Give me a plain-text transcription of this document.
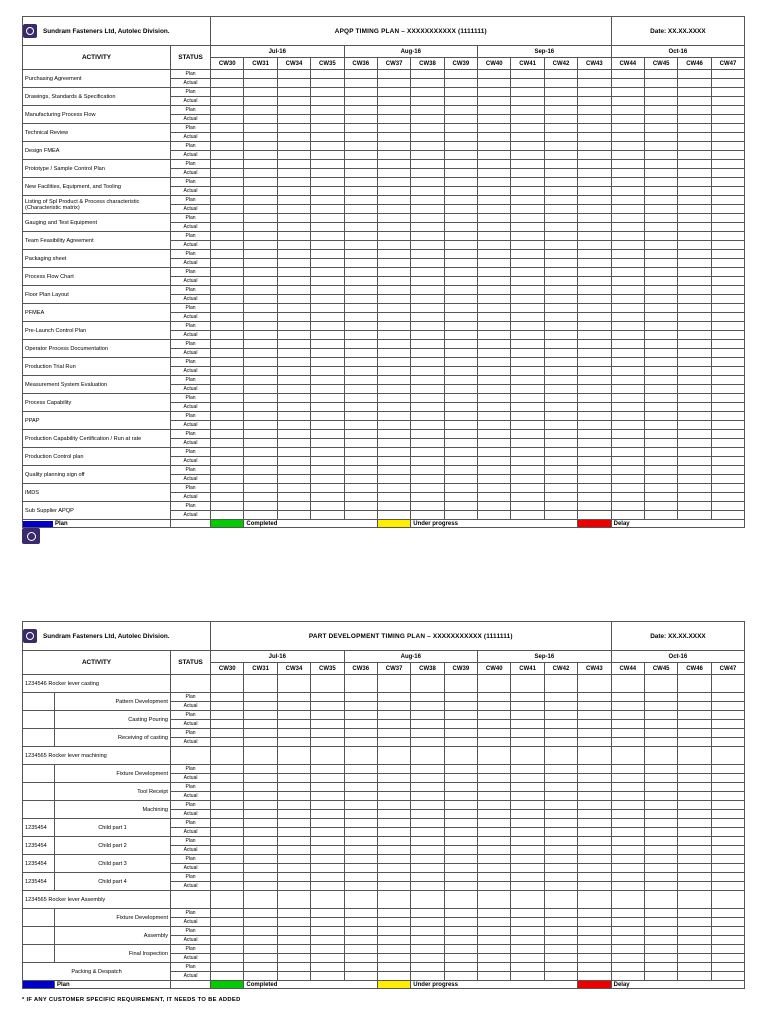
Sundram Fasteners Ltd, Autolec Division.		APQP TIMING PLAN – XXXXXXXXXXX (1111111)												Date: XX.XX.XXXX			
ACTIVITY	STATUS	Jul-16				Aug-16				Sep-16				Oct-16			
		CW30	CW31	CW34	CW35	CW36	CW37	CW38	CW39	CW40	CW41	CW42	CW43	CW44	CW45	CW46	CW47
Purchasing Agreement	Plan																
	Actual																
Drawings, Standards & Specification	Plan																
	Actual																
Manufacturing Process Flow	Plan																
	Actual																
Technical Review	Plan																
	Actual																
Design FMEA	Plan																
	Actual																
Prototype / Sample Control Plan	Plan																
	Actual																
New Facilities, Equipment, and Tooling	Plan																
	Actual																
Listing of Spl Product & Process characteristic (Characteristic matrix)	Plan																
	Actual																
Gauging and Test Equipment	Plan																
	Actual																
Team Feasibility Agreement	Plan																
	Actual																
Packaging sheet	Plan																
	Actual																
Process Flow Chart	Plan																
	Actual																
Floor Plan Layout	Plan																
	Actual																
PFMEA	Plan																
	Actual																
Pre-Launch Control Plan	Plan																
	Actual																
Operator Process Documentation	Plan																
	Actual																
Production Trial Run	Plan																
	Actual																
Measurement System Evaluation	Plan																
	Actual																
Process Capability	Plan																
	Actual																
PPAP	Plan																
	Actual																
Production Capability Certification / Run at rate	Plan																
	Actual																
Production Control plan	Plan																
	Actual																
Quality planning sign off	Plan																
	Actual																
IMDS	Plan																
	Actual																
Sub Supplier APQP	Plan																
	Actual																

Plan			Completed					Under progress						Delay			
Sundram Fasteners Ltd, Autolec Division.			PART DEVELOPMENT TIMING PLAN – XXXXXXXXXXX (1111111)												Date: XX.XX.XXXX			
ACTIVITY		STATUS	Jul-16				Aug-16				Sep-16				Oct-16			
			CW30	CW31	CW34	CW35	CW36	CW37	CW38	CW39	CW40	CW41	CW42	CW43	CW44	CW45	CW46	CW47
1234546 Rocker lever casting																		
	Pattern Development	Plan																
		Actual																
	Casting Pouring	Plan																
		Actual																
	Receiving of casting	Plan																
		Actual																
1234565 Rocker lever machining																		
	Fixture Development	Plan																
		Actual																
	Tool Receipt	Plan																
		Actual																
	Machining	Plan																
		Actual																
1235454	Child part 1	Plan																
		Actual																
1235454	Child part 2	Plan																
		Actual																
1235454	Child part 3	Plan																
		Actual																
1235454	Child part 4	Plan																
		Actual																
1234565 Rocker lever Assembly																		
	Fixture Development	Plan																
		Actual																
	Assembly	Plan																
		Actual																
	Final Inspection	Plan																
		Actual																
Packing & Despatch		Plan																
		Actual																
	Plan			Completed					Under progress						Delay			
* IF ANY CUSTOMER SPECIFIC REQUIREMENT, IT NEEDS TO BE ADDED
